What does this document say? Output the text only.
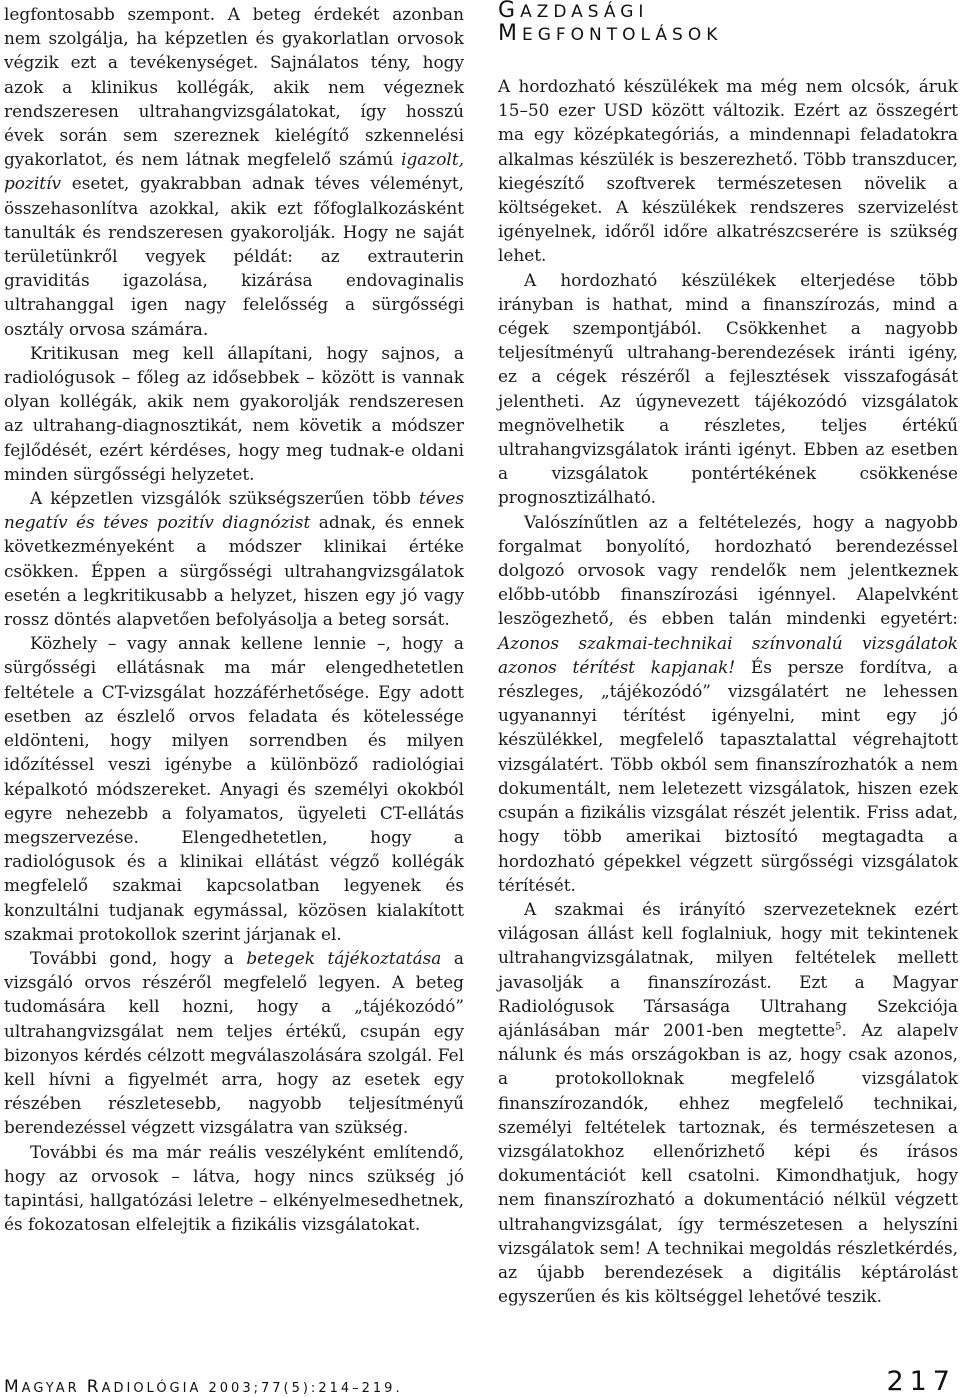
legfontosabb szempont. A beteg érdekét azonban nem szolgálja, ha képzetlen és gyakorlatlan orvosok végzik ezt a tevékenységet. Sajnálatos tény, hogy azok a klinikus kollégák, akik nem végeznek rendszeresen ultrahangvizsgálatokat, így hosszú évek során sem szereznek kielégítő szkennelési gyakorlatot, és nem látnak megfelelő számú igazolt, pozitív esetet, gyakrabban adnak téves véleményt, összehasonlítva azokkal, akik ezt főfoglalkozásként tanulták és rendszeresen gyakorolják. Hogy ne saját területünkről vegyek példát: az extrauterin graviditás igazolása, kizárása endovaginalis ultrahanggal igen nagy felelősség a sürgősségi osztály orvosa számára.

Kritikusan meg kell állapítani, hogy sajnos, a radiológusok – főleg az idősebbek – között is vannak olyan kollégák, akik nem gyakorolják rendszeresen az ultrahang-diagnosztikát, nem követik a módszer fejlődését, ezért kérdéses, hogy meg tudnak-e oldani minden sürgősségi helyzetet.

A képzetlen vizsgálók szükségszerűen több téves negatív és téves pozitív diagnózist adnak, és ennek következményeként a módszer klinikai értéke csökken. Éppen a sürgősségi ultrahangvizsgálatok esetén a legkritikusabb a helyzet, hiszen egy jó vagy rossz döntés alapvetően befolyásolja a beteg sorsát.

Közhely – vagy annak kellene lennie –, hogy a sürgősségi ellátásnak ma már elengedhetetlen feltétele a CT-vizsgálat hozzáférhetősége. Egy adott esetben az észlelő orvos feladata és kötelessége eldönteni, hogy milyen sorrendben és milyen időzítéssel veszi igénybe a különböző radiológiai képalkotó módszereket. Anyagi és személyi okokból egyre nehezebb a folyamatos, ügyeleti CT-ellátás megszervezése. Elengedhetetlen, hogy a radiológusok és a klinikai ellátást végző kollégák megfelelő szakmai kapcsolatban legyenek és konzultálni tudjanak egymással, közösen kialakított szakmai protokollok szerint járjanak el.

További gond, hogy a betegek tájékoztatása a vizsgáló orvos részéről megfelelő legyen. A beteg tudomására kell hozni, hogy a „tájékozódó” ultrahangvizsgálat nem teljes értékű, csupán egy bizonyos kérdés célzott megválaszolására szolgál. Fel kell hívni a figyelmét arra, hogy az esetek egy részében részletesebb, nagyobb teljesítményű berendezéssel végzett vizsgálatra van szükség.

További és ma már reális veszélyként említendő, hogy az orvosok – látva, hogy nincs szükség jó tapintási, hallgatózási leletre – elkényelmesedhetnek, és fokozatosan elfelejtik a fizikális vizsgálatokat.

GAZDASÁGI
MEGFONTOLÁSOK

A hordozható készülékek ma még nem olcsók, áruk 15–50 ezer USD között változik. Ezért az összegért ma egy középkategóriás, a mindennapi feladatokra alkalmas készülék is beszerezhető. Több transzducer, kiegészítő szoftverek természetesen növelik a költségeket. A készülékek rendszeres szervizelést igényelnek, időről időre alkatrészcserére is szükség lehet.

A hordozható készülékek elterjedése több irányban is hathat, mind a finanszírozás, mind a cégek szempontjából. Csökkenhet a nagyobb teljesítményű ultrahang-berendezések iránti igény, ez a cégek részéről a fejlesztések visszafogását jelentheti. Az úgynevezett tájékozódó vizsgálatok megnövelhetik a részletes, teljes értékű ultrahangvizsgálatok iránti igényt. Ebben az esetben a vizsgálatok pontértékének csökkenése prognosztizálható.

Valószínűtlen az a feltételezés, hogy a nagyobb forgalmat bonyolító, hordozható berendezéssel dolgozó orvosok vagy rendelők nem jelentkeznek előbb-utóbb finanszírozási igénnyel. Alapelvként leszögezhető, és ebben talán mindenki egyetért: Azonos szakmai-technikai színvonalú vizsgálatok azonos térítést kapjanak! És persze fordítva, a részleges, „tájékozódó” vizsgálatért ne lehessen ugyanannyi térítést igényelni, mint egy jó készülékkel, megfelelő tapasztalattal végrehajtott vizsgálatért. Több okból sem finanszírozhatók a nem dokumentált, nem leletezett vizsgálatok, hiszen ezek csupán a fizikális vizsgálat részét jelentik. Friss adat, hogy több amerikai biztosító megtagadta a hordozható gépekkel végzett sürgősségi vizsgálatok térítését.

A szakmai és irányító szervezeteknek ezért világosan állást kell foglalniuk, hogy mit tekintenek ultrahangvizsgálatnak, milyen feltételek mellett javasolják a finanszírozást. Ezt a Magyar Radiológusok Társasága Ultrahang Szekciója ajánlásában már 2001-ben megtette$^5$. Az alapelv nálunk és más országokban is az, hogy csak azonos, a protokolloknak megfelelő vizsgálatok finanszírozandók, ehhez megfelelő technikai, személyi feltételek tartoznak, és természetesen a vizsgálatokhoz ellenőrizhető képi és írásos dokumentációt kell csatolni. Kimondhatjuk, hogy nem finanszírozható a dokumentáció nélkül végzett ultrahangvizsgálat, így természetesen a helyszíni vizsgálatok sem! A technikai megoldás részletkérdés, az újabb berendezések a digitális képtárolást egyszerűen és kis költséggel lehetővé teszik.

MAGYAR RADIOLÓGIA 2003;77(5):214–219.	217
